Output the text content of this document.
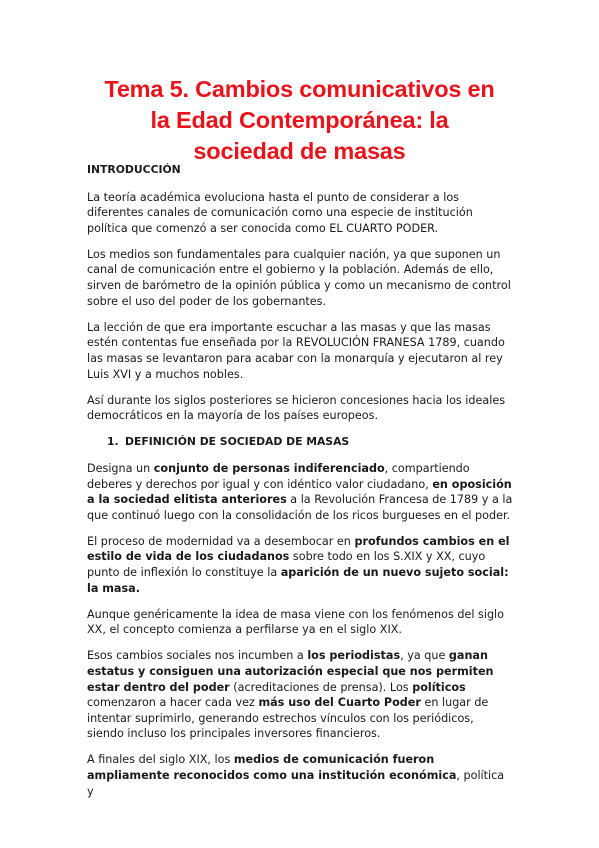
Tema 5. Cambios comunicativos en
la Edad Contemporánea: la
sociedad de masas

INTRODUCCIÓN

La teoría académica evoluciona hasta el punto de considerar a los diferentes canales de comunicación como una especie de institución política que comenzó a ser conocida como EL CUARTO PODER.

Los medios son fundamentales para cualquier nación, ya que suponen un canal de comunicación entre el gobierno y la población. Además de ello, sirven de barómetro de la opinión pública y como un mecanismo de control sobre el uso del poder de los gobernantes.

La lección de que era importante escuchar a las masas y que las masas estén contentas fue enseñada por la REVOLUCIÓN FRANESA 1789, cuando las masas se levantaron para acabar con la monarquía y ejecutaron al rey Luis XVI y a muchos nobles.

Así durante los siglos posteriores se hicieron concesiones hacia los ideales democráticos en la mayoría de los países europeos.

1. DEFINICIÓN DE SOCIEDAD DE MASAS

Designa un conjunto de personas indiferenciado, compartiendo deberes y derechos por igual y con idéntico valor ciudadano, en oposición a la sociedad elitista anteriores a la Revolución Francesa de 1789 y a la que continuó luego con la consolidación de los ricos burgueses en el poder.

El proceso de modernidad va a desembocar en profundos cambios en el estilo de vida de los ciudadanos sobre todo en los S.XIX y XX, cuyo punto de inflexión lo constituye la aparición de un nuevo sujeto social: la masa.

Aunque genéricamente la idea de masa viene con los fenómenos del siglo XX, el concepto comienza a perfilarse ya en el siglo XIX.

Esos cambios sociales nos incumben a los periodistas, ya que ganan estatus y consiguen una autorización especial que nos permiten estar dentro del poder (acreditaciones de prensa). Los políticos comenzaron a hacer cada vez más uso del Cuarto Poder en lugar de intentar suprimirlo, generando estrechos vínculos con los periódicos, siendo incluso los principales inversores financieros.

A finales del siglo XIX, los medios de comunicación fueron ampliamente reconocidos como una institución económica, política y
